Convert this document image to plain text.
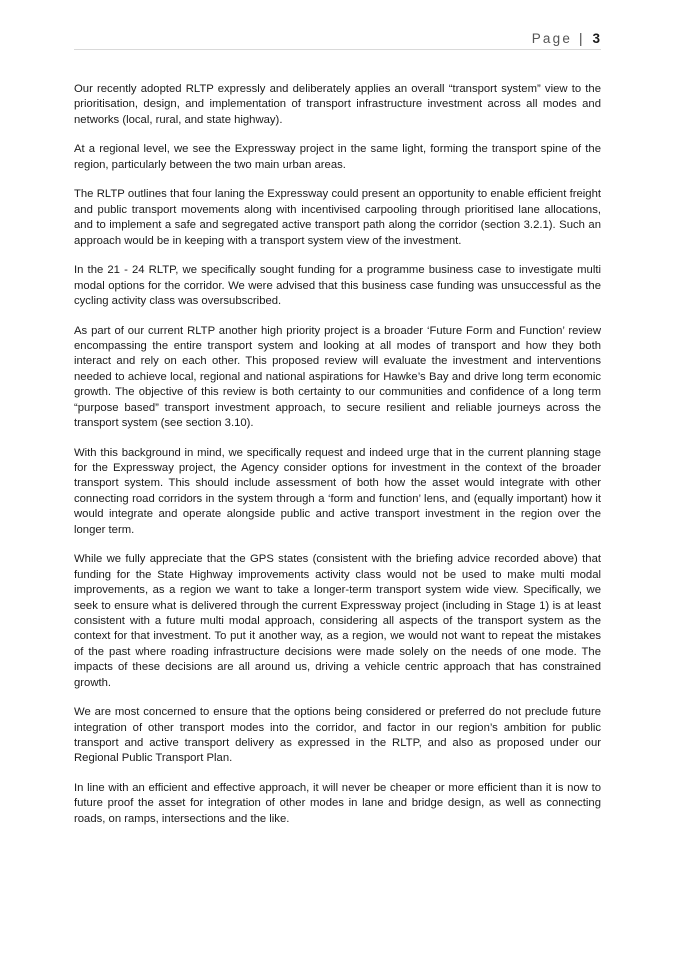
Page | 3

Our recently adopted RLTP expressly and deliberately applies an overall “transport system” view to the prioritisation, design, and implementation of transport infrastructure investment across all modes and networks (local, rural, and state highway).

At a regional level, we see the Expressway project in the same light, forming the transport spine of the region, particularly between the two main urban areas.

The RLTP outlines that four laning the Expressway could present an opportunity to enable efficient freight and public transport movements along with incentivised carpooling through prioritised lane allocations, and to implement a safe and segregated active transport path along the corridor (section 3.2.1). Such an approach would be in keeping with a transport system view of the investment.

In the 21 - 24 RLTP, we specifically sought funding for a programme business case to investigate multi modal options for the corridor. We were advised that this business case funding was unsuccessful as the cycling activity class was oversubscribed.

As part of our current RLTP another high priority project is a broader ‘Future Form and Function’ review encompassing the entire transport system and looking at all modes of transport and how they both interact and rely on each other. This proposed review will evaluate the investment and interventions needed to achieve local, regional and national aspirations for Hawke’s Bay and drive long term economic growth. The objective of this review is both certainty to our communities and confidence of a long term “purpose based” transport investment approach, to secure resilient and reliable journeys across the transport system (see section 3.10).

With this background in mind, we specifically request and indeed urge that in the current planning stage for the Expressway project, the Agency consider options for investment in the context of the broader transport system. This should include assessment of both how the asset would integrate with other connecting road corridors in the system through a ‘form and function’ lens, and (equally important) how it would integrate and operate alongside public and active transport investment in the region over the longer term.

While we fully appreciate that the GPS states (consistent with the briefing advice recorded above) that funding for the State Highway improvements activity class would not be used to make multi modal improvements, as a region we want to take a longer-term transport system wide view. Specifically, we seek to ensure what is delivered through the current Expressway project (including in Stage 1) is at least consistent with a future multi modal approach, considering all aspects of the transport system as the context for that investment. To put it another way, as a region, we would not want to repeat the mistakes of the past where roading infrastructure decisions were made solely on the needs of one mode. The impacts of these decisions are all around us, driving a vehicle centric approach that has constrained growth.

We are most concerned to ensure that the options being considered or preferred do not preclude future integration of other transport modes into the corridor, and factor in our region’s ambition for public transport and active transport delivery as expressed in the RLTP, and also as proposed under our Regional Public Transport Plan.

In line with an efficient and effective approach, it will never be cheaper or more efficient than it is now to future proof the asset for integration of other modes in lane and bridge design, as well as connecting roads, on ramps, intersections and the like.
